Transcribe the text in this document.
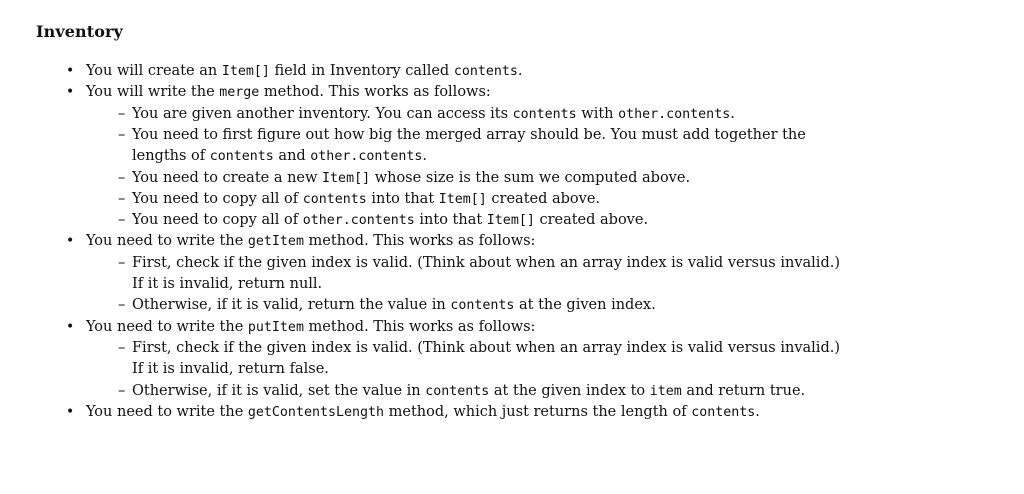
Inventory
• You will create an Item[] field in Inventory called contents.
• You will write the merge method. This works as follows:
– You are given another inventory. You can access its contents with other.contents.
– You need to first figure out how big the merged array should be. You must add together the
lengths of contents and other.contents.
– You need to create a new Item[] whose size is the sum we computed above.
– You need to copy all of contents into that Item[] created above.
– You need to copy all of other.contents into that Item[] created above.
• You need to write the getItem method. This works as follows:
– First, check if the given index is valid. (Think about when an array index is valid versus invalid.)
If it is invalid, return null.
– Otherwise, if it is valid, return the value in contents at the given index.
• You need to write the putItem method. This works as follows:
– First, check if the given index is valid. (Think about when an array index is valid versus invalid.)
If it is invalid, return false.
– Otherwise, if it is valid, set the value in contents at the given index to item and return true.
• You need to write the getContentsLength method, which just returns the length of contents.
